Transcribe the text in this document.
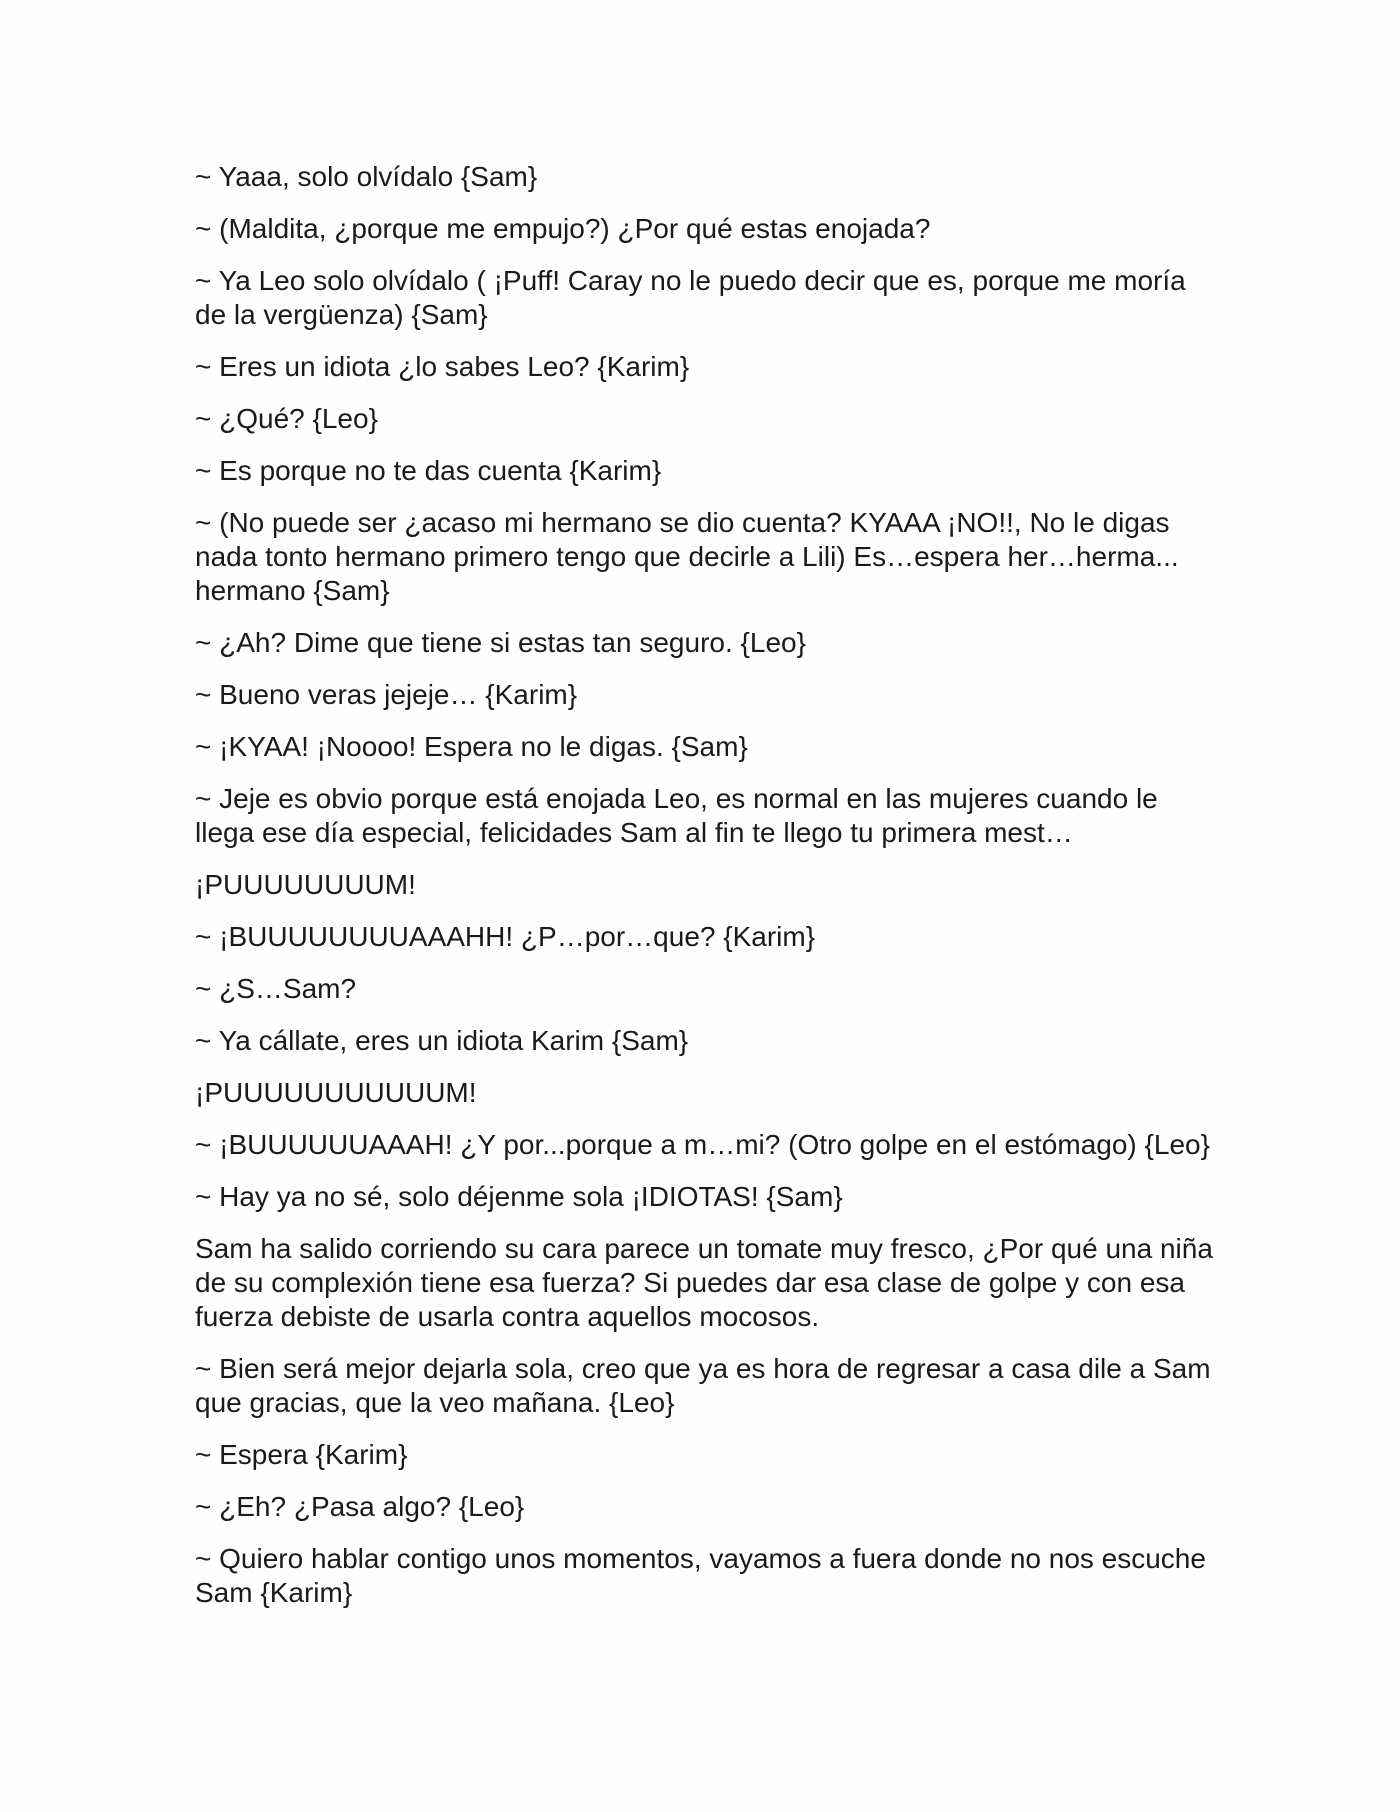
~ Yaaa, solo olvídalo {Sam}

~ (Maldita, ¿porque me empujo?) ¿Por qué estas enojada?

~ Ya Leo solo olvídalo ( ¡Puff! Caray no le puedo decir que es, porque me moría de la vergüenza) {Sam}

~ Eres un idiota ¿lo sabes Leo? {Karim}

~ ¿Qué? {Leo}

~ Es porque no te das cuenta {Karim}

~ (No puede ser ¿acaso mi hermano se dio cuenta? KYAAA ¡NO!!, No le digas nada tonto hermano primero tengo que decirle a Lili) Es…espera her…herma... hermano {Sam}

~ ¿Ah? Dime que tiene si estas tan seguro. {Leo}

~ Bueno veras jejeje… {Karim}

~ ¡KYAA! ¡Noooo! Espera no le digas. {Sam}

~ Jeje es obvio porque está enojada Leo, es normal en las mujeres cuando le llega ese día especial, felicidades Sam al fin te llego tu primera mest…

¡PUUUUUUUUM!

~ ¡BUUUUUUUUAAAHH! ¿P…por…que? {Karim}

~ ¿S…Sam?

~ Ya cállate, eres un idiota Karim {Sam}

¡PUUUUUUUUUUUM!

~ ¡BUUUUUUAAAH! ¿Y por...porque a m…mi? (Otro golpe en el estómago) {Leo}

~ Hay ya no sé, solo déjenme sola ¡IDIOTAS! {Sam}

Sam ha salido corriendo su cara parece un tomate muy fresco, ¿Por qué una niña de su complexión tiene esa fuerza? Si puedes dar esa clase de golpe y con esa fuerza debiste de usarla contra aquellos mocosos.

~ Bien será mejor dejarla sola, creo que ya es hora de regresar a casa dile a Sam que gracias, que la veo mañana. {Leo}

~ Espera {Karim}

~ ¿Eh? ¿Pasa algo? {Leo}

~ Quiero hablar contigo unos momentos, vayamos a fuera donde no nos escuche Sam {Karim}
